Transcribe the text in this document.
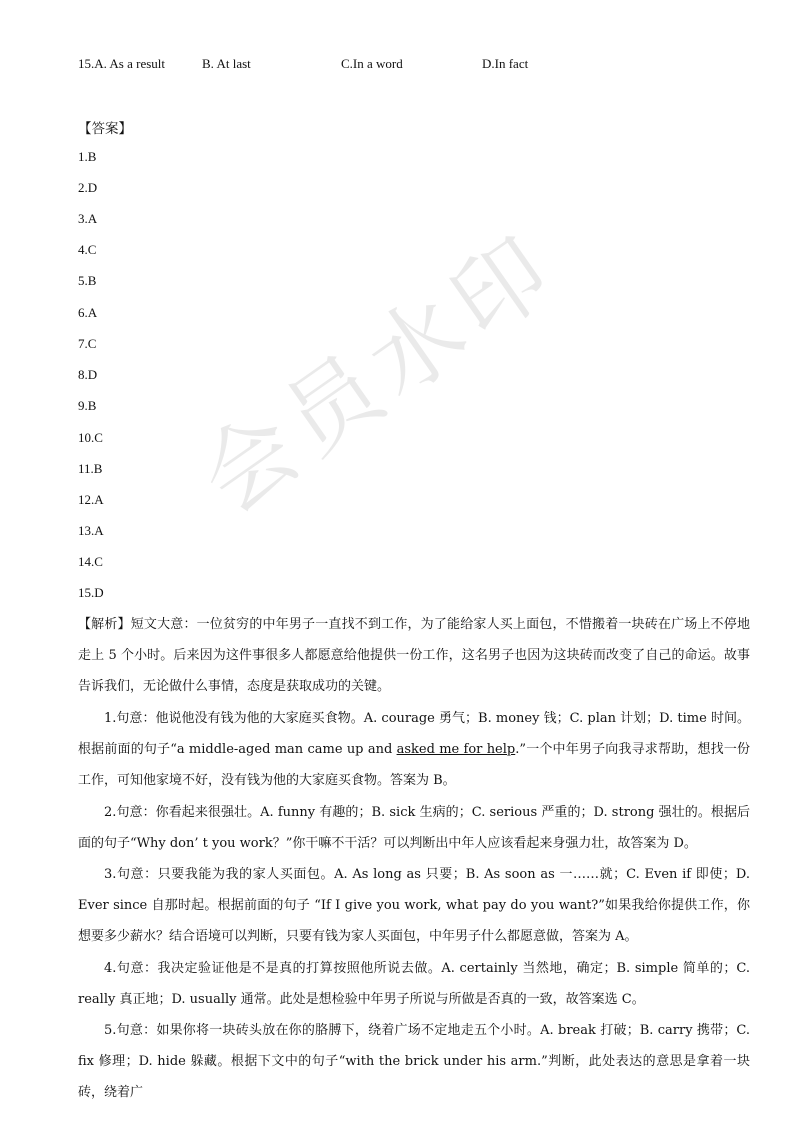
15.A. As a result	B. At last	C.In a word	D.In fact
【答案】
1.B
2.D
3.A
4.C
5.B
6.A
7.C
8.D
9.B
10.C
11.B
12.A
13.A
14.C
15.D
【解析】短文大意：一位贫穷的中年男子一直找不到工作，为了能给家人买上面包，不惜搬着一块砖在广场上不停地走上 5 个小时。后来因为这件事很多人都愿意给他提供一份工作，这名男子也因为这块砖而改变了自己的命运。故事告诉我们，无论做什么事情，态度是获取成功的关键。
1.句意：他说他没有钱为他的大家庭买食物。A. courage 勇气；B. money 钱；C. plan 计划；D. time 时间。根据前面的句子“a middle-aged man came up and asked me for help.”一个中年男子向我寻求帮助，想找一份工作，可知他家境不好，没有钱为他的大家庭买食物。答案为 B。
2.句意：你看起来很强壮。A. funny 有趣的；B. sick 生病的；C. serious 严重的；D. strong 强壮的。根据后面的句子“Why don’ t you work？”你干嘛不干活？可以判断出中年人应该看起来身强力壮，故答案为 D。
3.句意：只要我能为我的家人买面包。A. As long as 只要；B. As soon as 一……就；C. Even if 即使；D. Ever since 自那时起。根据前面的句子 “If I give you work, what pay do you want?”如果我给你提供工作，你想要多少薪水？结合语境可以判断，只要有钱为家人买面包，中年男子什么都愿意做，答案为 A。
4.句意：我决定验证他是不是真的打算按照他所说去做。A. certainly 当然地，确定；B. simple 简单的；C. really 真正地；D. usually 通常。此处是想检验中年男子所说与所做是否真的一致，故答案选 C。
5.句意：如果你将一块砖头放在你的胳膊下，绕着广场不定地走五个小时。A. break 打破；B. carry 携带；C. fix 修理；D. hide 躲藏。根据下文中的句子“with the brick under his arm.”判断，此处表达的意思是拿着一块砖，绕着广
会员水印
